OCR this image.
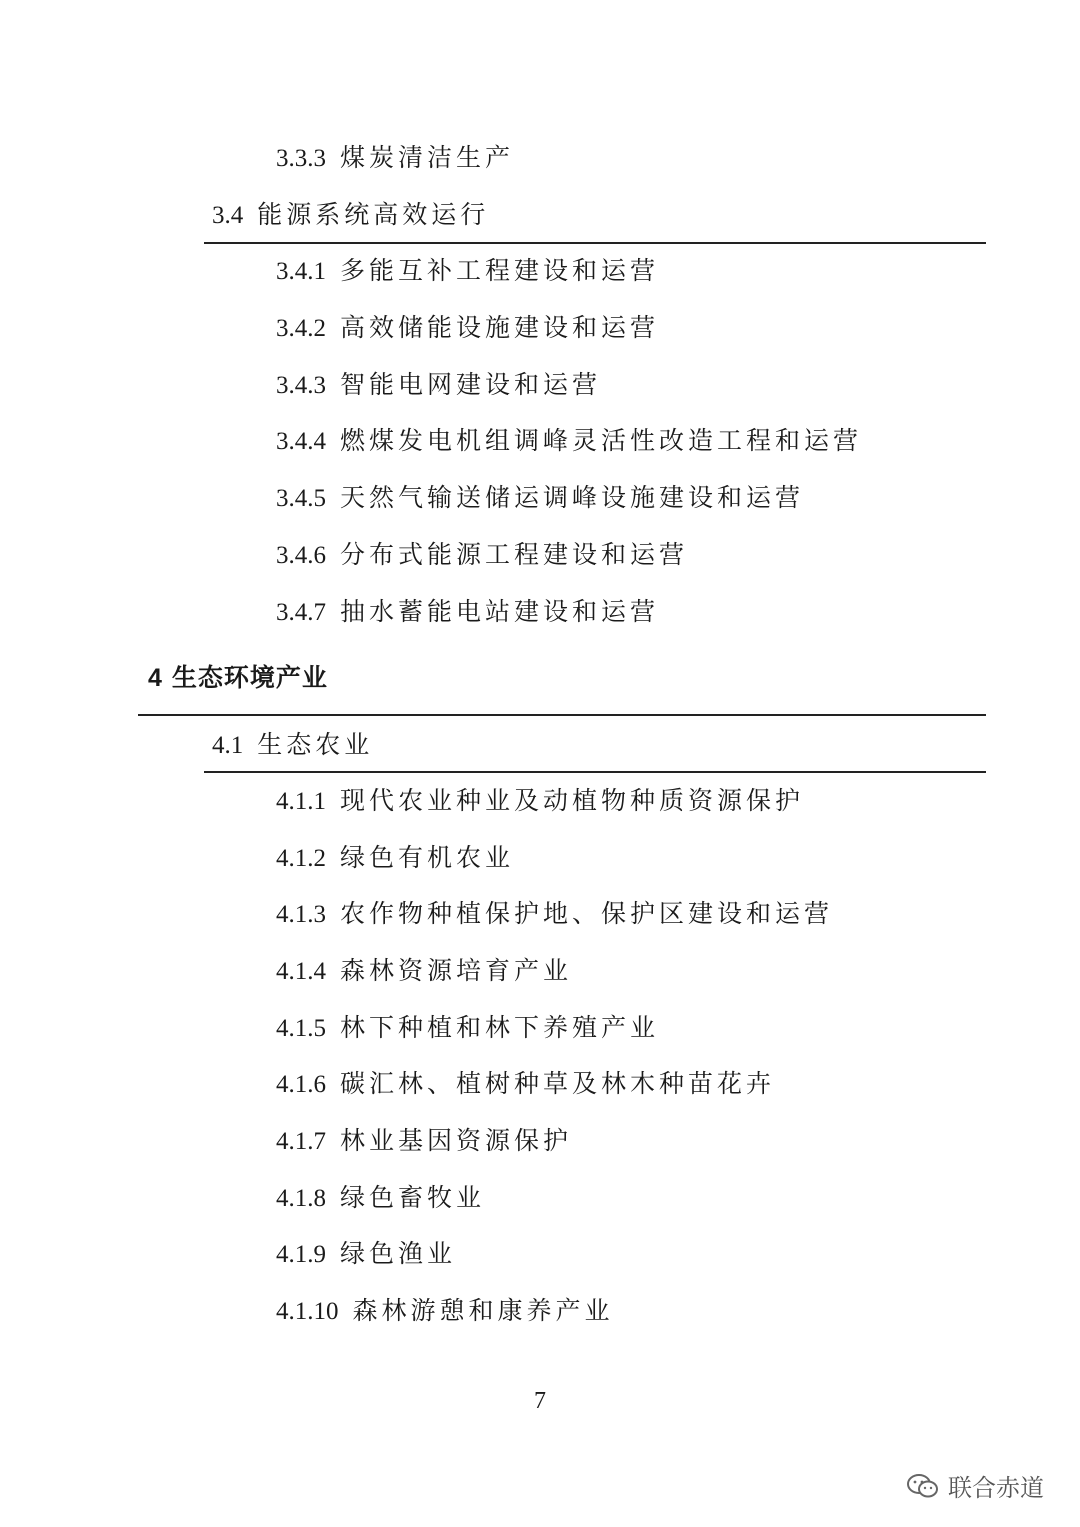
3.3.3 煤炭清洁生产
3.4 能源系统高效运行
3.4.1 多能互补工程建设和运营
3.4.2 高效储能设施建设和运营
3.4.3 智能电网建设和运营
3.4.4 燃煤发电机组调峰灵活性改造工程和运营
3.4.5 天然气输送储运调峰设施建设和运营
3.4.6 分布式能源工程建设和运营
3.4.7 抽水蓄能电站建设和运营
4 生态环境产业
4.1 生态农业
4.1.1 现代农业种业及动植物种质资源保护
4.1.2 绿色有机农业
4.1.3 农作物种植保护地、保护区建设和运营
4.1.4 森林资源培育产业
4.1.5 林下种植和林下养殖产业
4.1.6 碳汇林、植树种草及林木种苗花卉
4.1.7 林业基因资源保护
4.1.8 绿色畜牧业
4.1.9 绿色渔业
4.1.10 森林游憩和康养产业
7
联合赤道
